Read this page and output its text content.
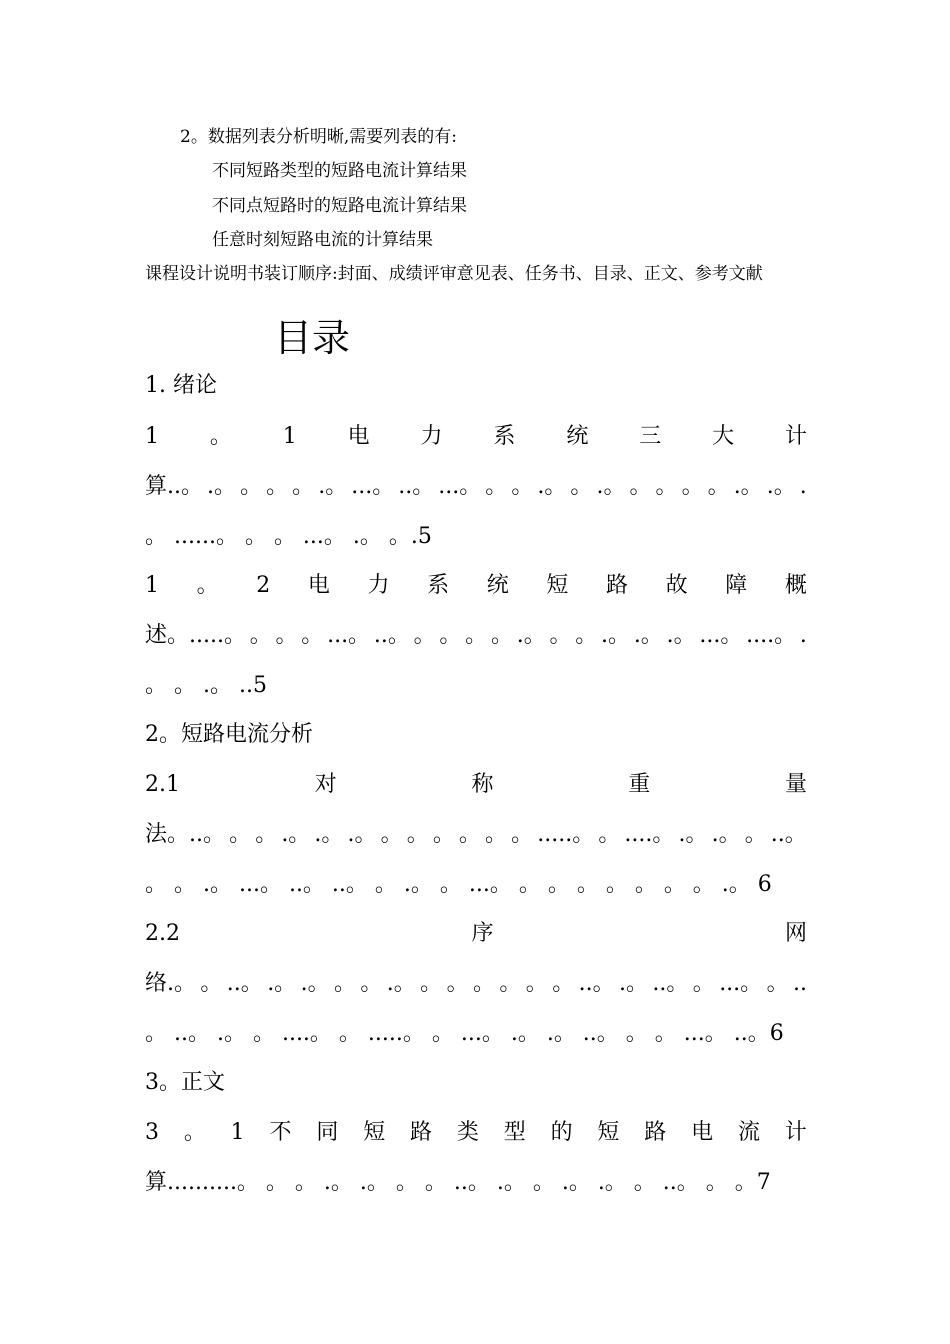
2。数据列表分析明晰,需要列表的有:
不同短路类型的短路电流计算结果
不同点短路时的短路电流计算结果
任意时刻短路电流的计算结果
课程设计说明书装订顺序:封面、成绩评审意见表、任务书、目录、正文、参考文献
目录
1. 绪论
1 。 1 电 力 系 统 三 大 计
算..。 .。 。 。 。 .。 ...。 ..。 ...。 。 。 .。 。 .。 。 。 。 。 .。 .。 .
。 ......。 。 。 ...。 .。 。.5
1 。 2 电 力 系 统 短 路 故 障 概
述。.....。 。 。 。 ...。 ..。 。 。 。 。 .。 。 。 .。 .。 .。 ...。 ....。 .
。 。 .。 ..5
2。短路电流分析
2.1	对	称	重	量
法。..。 。 。 .。 .。 .。 。 。 。 。 。 。 .....。 。 ....。 .。 .。 。 ..。
。 。 .。 ...。 ..。 ..。 。 .。 。 ...。 。 。 。 。 。 。 。 .。 6
2.2	序	网
络.。 。 ..。 .。 .。 。 。 .。 。 。 。 。 。 。 ..。 .。 ..。 。 ...。 。 ..
。 ..。 .。 。 ....。 。 .....。 。 ...。 .。 .。 ..。 。 。 ...。 ..。6
3。正文
3 。 1 不 同 短 路 类 型 的 短 路 电 流 计
算..........。 。 。 .。 .。 。 。 ..。 .。 。 .。 .。 。 ..。 。 。7
